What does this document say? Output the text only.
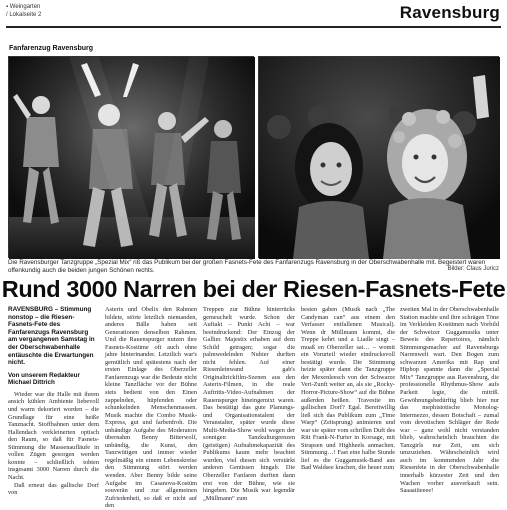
▪ Weingarten
/ Lokalseite 2	Ravensburg
Fanfarenzug Ravensburg
Die Ravensburger Tanzgruppe „Spezial Mix“ riß das Publikum bei der großen Fasnets-Fete des Fanfarenzugs Ravensburg in der Oberschwabenhalle mit. Begeistert waren offenkundig auch die beiden jungen Schönen rechts.	Bilder: Claus Juricz
Rund 3000 Narren bei der Riesen-Fasnets-Fete

RAVENSBURG – Stimmung nonstop – die Riesen-Fasnets-Fete des Fanfarenzugs Ravensburg am vergangenen Samstag in der Oberschwabenhalle entäuschte die Erwartungen nicht.

Von unserem Redakteur
Michael Dittrich

Wieder war die Halle mit ihrem ansich kühlen Ambiente liebevoll und warm dekoriert worden – die Grundlage für eine heiße Tanznacht. Stoffbahnen unter dem Hallendach verkleinerten optisch den Raum, so daß für Fasnets-Stimmung die Massenaufläufe in vollen Zügen gesorgen werden konnte – schließlich tobten insgesamt 3000 Narren durch die Nacht.

Daß erneut das gallische Dorf von

Asterix und Obelix den Rahmen bildete, störte letztlich niemanden, anderes Bälle haben seit Generationen denselben Rahmen. Und die Rauenspurger nutzen ihre Fasnets-Kostüme oft auch ohne jahre hinterinander. Letztlich war's gemütlich und spätestens nach der ersten Einlage des Oberzeller Fanfarenzugs war die Bedeute nicht kleine Tanzfläche vor der Bühne stets bedient von den Einen zappelnden, hüpfenden oder schunkelnden Menschenmassen. Musik machte die Combo Musik-Express, gut und farbenfroh. Die unbändige Aufgabe des Moderators übernahm Benny Bitterwolf, unbändig, die Kunst, den Tanzwütigen und immer wieder regelmäßig ein einem Lebenskreise den Stimmung stört werden wenden. Aber Benny bilde seine Aufgabe im Casanova-Kostüm souverän und zur allgemeinen Zufriedenheit, so daß er nicht auf den

Treppen zur Bühne hinterrücks gemeuchelt wurde. Schon der Auftakt – Punkt Acht – war beeindruckend: Der Einzug der Gallier. Majestix erhaben auf dem Schild getragen; sogar die palmwedelnden Nubier durften nicht fehlen. Auf einer Riesenleinwand gab's Originaltrickfilm-Szenen aus den Asterix-Filmen, in die reale Auftritts-Video-Aufnahmen der Rauenspurger hineingemixt waren. Das bestätigt das gute Planungs- und Organisationstalent der Veranstalter, später wurde diese Multi-Media-Show wohl wegen der sonnigen Tanzkulturgrenzen (geistigen) Aufnahmekapazität des Publikums kaum mehr beachtet wurden, viel diesen sich verstärkt anderen Genüssen hingab. Die Oberzeller Fanfaren durften dann erst von der Bühne, wie sie hingeben. Die Musik war legendär „Müllmann“ zum

besten gaben (Musik nach „The Candyman can“ aus einem den Verfasser entfallenen Musical). Wenn dr Müllmann kommt, die Treppe kehrt und a Liadle singt – muaß en Oberzeller sai… – womit ein Vorurteil wieder eindrucksvoll bestätigt wurde. Die Stimmung heizte später dann die Tanzgruppe der Mexenleesch von der Schwarze Veri-Zunft weiter an, als sie „Rocky-Horror-Picture-Show“ auf die Bühne außerden heißen. Travestie im gallischen Dorf? Egal. Bereitwillig ließ sich das Publikum zum „Time Warp“ (Zeitsprung) animieren und war sie später vom schrillen Duft des Ritt Frank-N-Furter in Korsage, mit Strapsen und Highheels anmachen. Stimmung…! Fast eine halbe Stunde lief es die Guggamusik-Band aus Bad Waldsee krachen, die heuer zum

zweiten Mal in der Oberschwabenhalle Station machte und ihre schrägen Töne im Verkleiden Kostümen nach Vorbild der Schweizer Guggamusiks unter Beweis des Repertoires, nämlich Stimmungsmacher auf Ravensburgs Narrenwelt wart. Den Bogen zum schwarzen Amerika mit Rap und Hiphop spannte dann die „Special Mix“ Tanzgruppe aus Ravensburg, die professionelle Rhythmus-Show aufs Parkett legte, die mitriß. Gewöhnungsbedürftig blieb hier nur das mephistotische Monolog-Intermezzo, dessen Botschaft – zumal vom devotischen Schläger der Rede war – ganz wohl nicht verstanden blieb, wahrscheinlich brauchten die Tanzgirls nur Zeit, um sich umzuziehen. Währscheinlich wird auch im kommenden Jahr die Riesenfete in der Oberschwabenhalle innerhalb kürzester Zeit und den Wachen vorher ausverkauft sein. Saaaaiiieeee!
